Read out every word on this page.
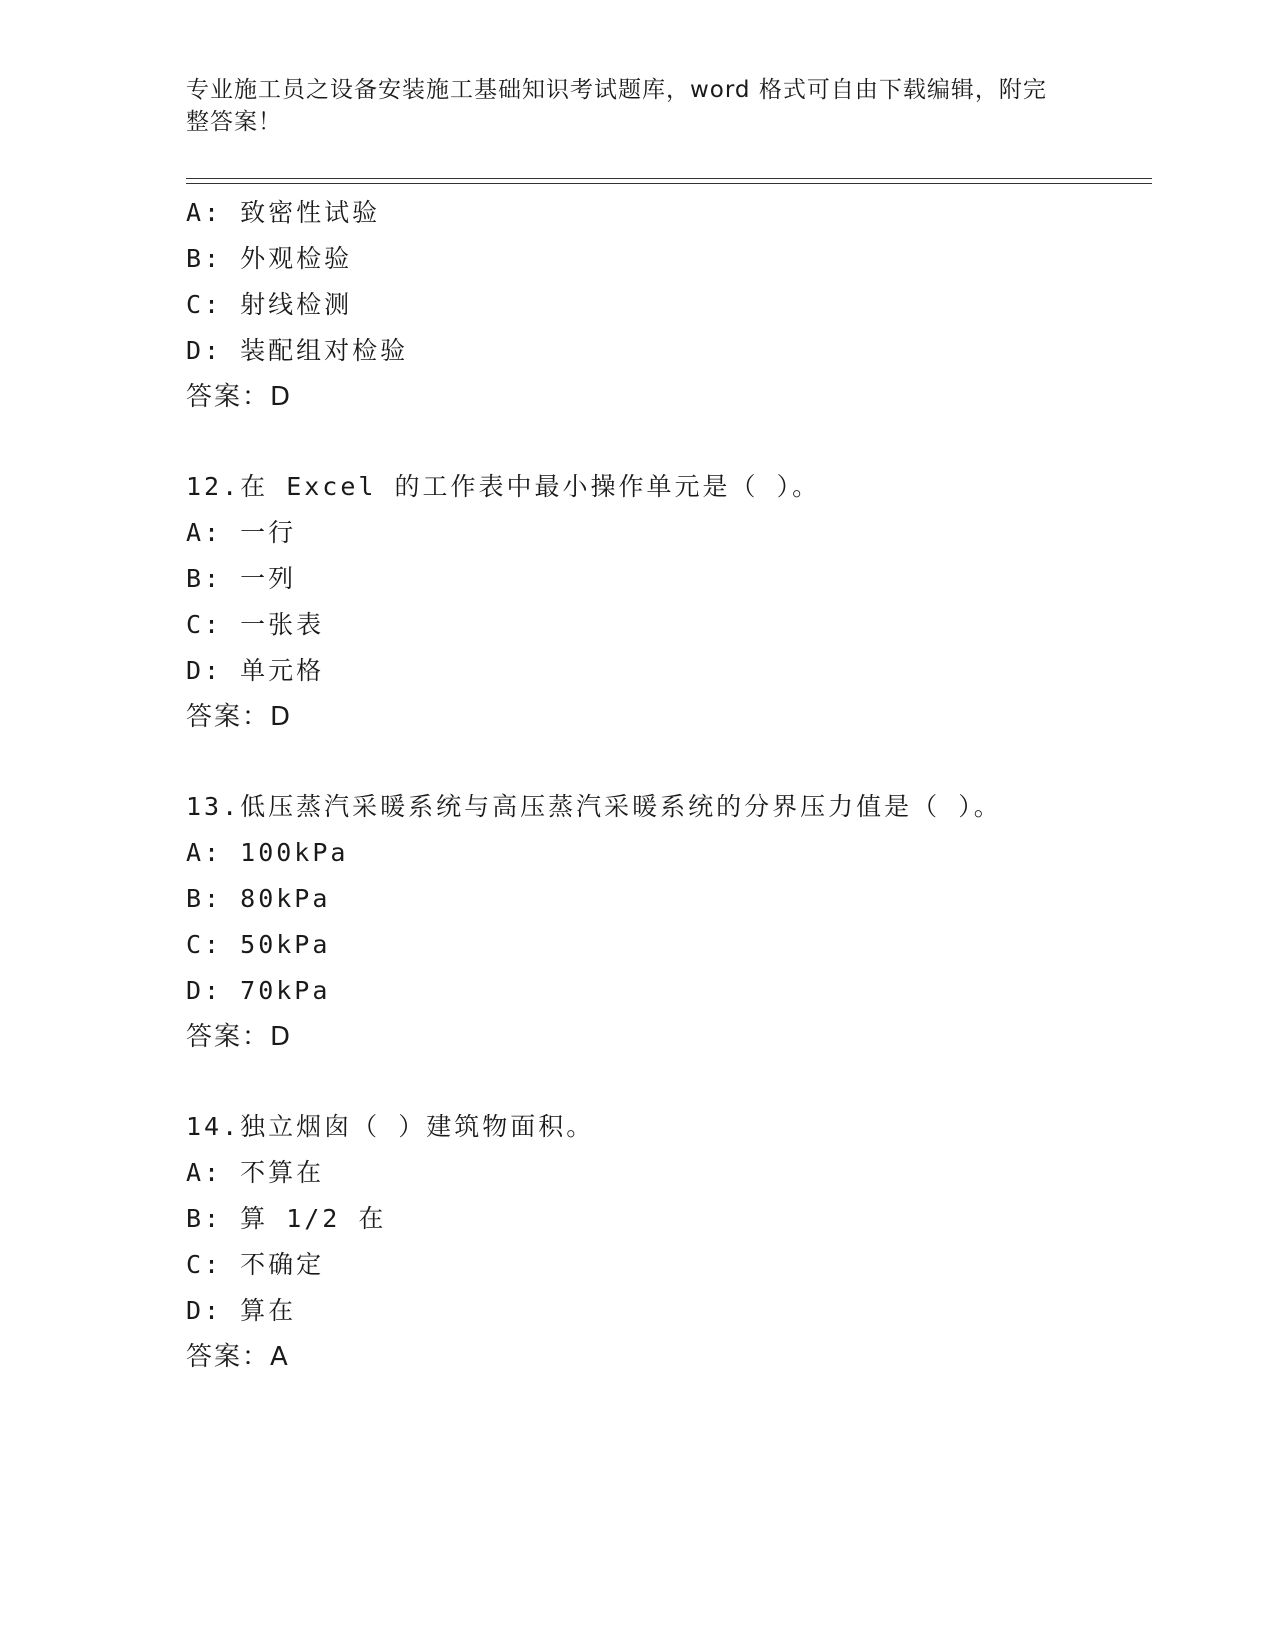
专业施工员之设备安装施工基础知识考试题库，word 格式可自由下载编辑，附完
整答案！
A: 致密性试验
B: 外观检验
C: 射线检测
D: 装配组对检验
答案：D
12.在 Excel 的工作表中最小操作单元是（ ）。
A: 一行
B: 一列
C: 一张表
D: 单元格
答案：D
13.低压蒸汽采暖系统与高压蒸汽采暖系统的分界压力值是（ ）。
A: 100kPa
B: 80kPa
C: 50kPa
D: 70kPa
答案：D
14.独立烟囱（ ）建筑物面积。
A: 不算在
B: 算 1/2 在
C: 不确定
D: 算在
答案：A
